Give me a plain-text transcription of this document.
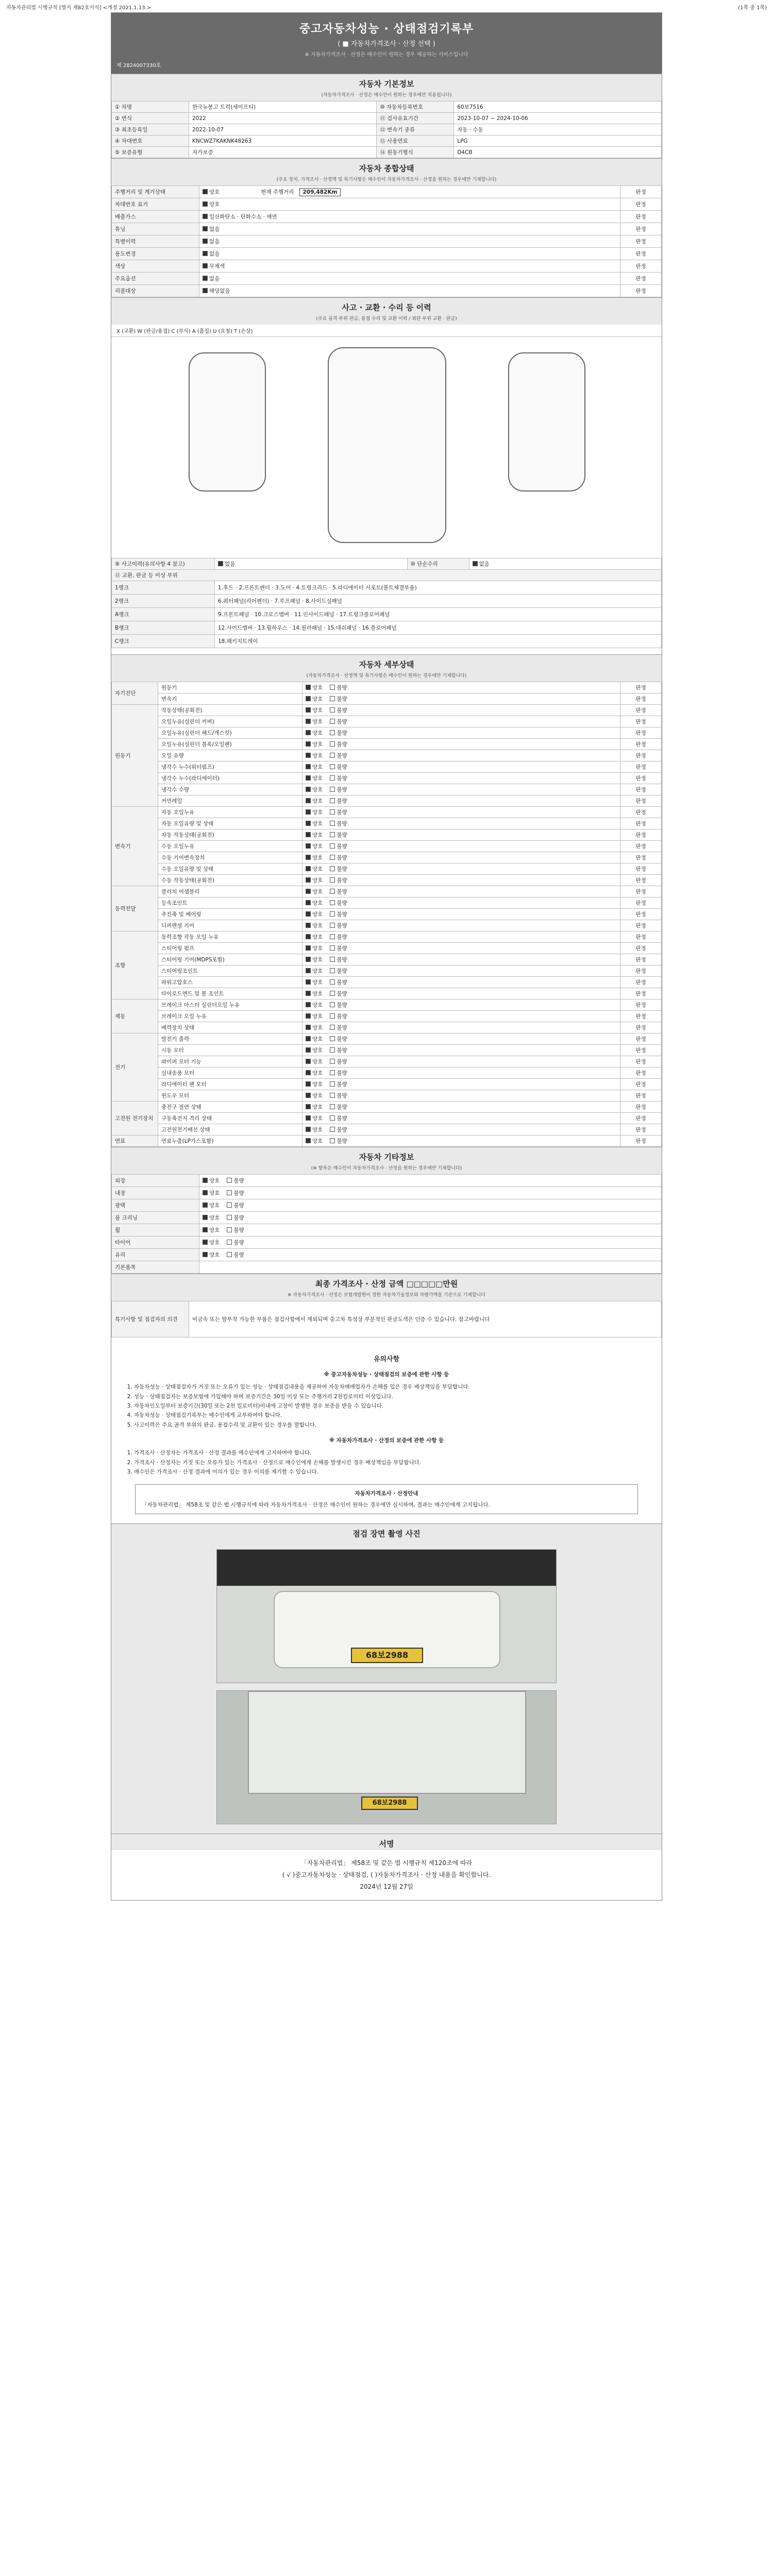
자동차관리법 시행규칙 [별지 제82호서식] <개정 2021.1.13.>	(1쪽 중 1쪽)
중고자동차성능 · 상태점검기록부
( ■ 자동차가격조사 · 산정 선택 )
※ 자동차가격조사 · 산정은 매수인이 원하는 경우 제공하는 서비스입니다
제 2824007330호
자동차 기본정보
(자동차가격조사 · 산정은 매수인이 원하는 경우에만 적용됩니다)
① 차명	한국뉴봉고 트럭(세이프티)	⑩ 자동차등록번호	60보7516
② 연식	2022	⑪ 검사유효기간	2023-10-07 ~ 2024-10-06
③ 최초등록일	2022-10-07	⑫ 변속기 종류	자동 · 수동
④ 차대번호	KNCWZ7KAKNK48263	⑬ 사용연료	LPG
⑤ 보증유형	자가보증	⑭ 원동기형식	D4CB
자동차 종합상태
(주요 장치, 가격조사 · 산정액 및 특기사항은 매수인이 자동차가격조사 · 산정을 원하는 경우에만 기재합니다)
주행거리 및 계기상태	양호 현재 주행거리 209,482Km	판정
차대번호 표기	양호	판정
배출가스	일산화탄소 · 탄화수소 · 매연	판정
튜닝	없음	판정
특별이력	없음	판정
용도변경	없음	판정
색상	무채색	판정
주요옵션	없음	판정
리콜대상	해당없음	판정
사고 · 교환 · 수리 등 이력
(주요 골격 부위 판금, 용접 수리 및 교환 이력 / 외판 부위 교환 · 판금)
X (교환) W (판금/용접) C (부식) A (흠집) U (요철) T (손상)
⑨ 사고이력(유의사항 4 참고)	없음	⑩ 단순수리	없음
⑪ 교환, 판금 등 이상 부위			
1랭크	1.후드 · 2.프론트펜더 · 3.도어 · 4.트렁크리드 · 5.라디에이터 서포트(볼트체결부품)		
2랭크	6.쿼터패널(리어펜더) · 7.루프패널 · 8.사이드실패널		
A랭크	9.프론트패널 · 10.크로스멤버 · 11.인사이드패널 · 17.트렁크플로어패널		
B랭크	12.사이드멤버 · 13.휠하우스 · 14.필러패널 · 15.대쉬패널 · 16.플로어패널		
C랭크	18.패키지트레이		
자동차 세부상태
(자동차가격조사 · 산정액 및 특기사항은 매수인이 원하는 경우에만 기재합니다)
자기진단	원동기	양호 불량	판정
	변속기	양호 불량	판정
원동기	작동상태(공회전)	양호 불량	판정
	오일누유(실린더 커버)	양호 불량	판정
	오일누유(실린더 헤드/개스킷)	양호 불량	판정
	오일누유(실린더 블록/오일팬)	양호 불량	판정
	오일 유량	양호 불량	판정
	냉각수 누수(워터펌프)	양호 불량	판정
	냉각수 누수(라디에이터)	양호 불량	판정
	냉각수 수량	양호 불량	판정
	커먼레일	양호 불량	판정
변속기	자동 오일누유	양호 불량	판정
	자동 오일유량 및 상태	양호 불량	판정
	자동 작동상태(공회전)	양호 불량	판정
	수동 오일누유	양호 불량	판정
	수동 기어변속장치	양호 불량	판정
	수동 오일유량 및 상태	양호 불량	판정
	수동 작동상태(공회전)	양호 불량	판정
동력전달	클러치 어셈블리	양호 불량	판정
	등속조인트	양호 불량	판정
	추진축 및 베어링	양호 불량	판정
	디퍼렌셜 기어	양호 불량	판정
조향	동력조향 작동 오일 누유	양호 불량	판정
	스티어링 펌프	양호 불량	판정
	스티어링 기어(MDPS포함)	양호 불량	판정
	스티어링조인트	양호 불량	판정
	파워고압호스	양호 불량	판정
	타이로드엔드 및 볼 조인트	양호 불량	판정
제동	브레이크 마스터 실린더오일 누유	양호 불량	판정
	브레이크 오일 누유	양호 불량	판정
	배력장치 상태	양호 불량	판정
전기	발전기 출력	양호 불량	판정
	시동 모터	양호 불량	판정
	와이퍼 모터 기능	양호 불량	판정
	실내송풍 모터	양호 불량	판정
	라디에이터 팬 모터	양호 불량	판정
	윈도우 모터	양호 불량	판정
고전원 전기장치	충전구 절연 상태	양호 불량	판정
	구동축전지 격리 상태	양호 불량	판정
	고전원전기배선 상태	양호 불량	판정
연료	연료누출(LP가스포함)	양호 불량	판정
자동차 기타정보
(※ 항목은 매수인이 자동차가격조사 · 산정을 원하는 경우에만 기재합니다)
외장	양호 불량
내장	양호 불량
광택	양호 불량
룸 크리닝	양호 불량
휠	양호 불량
타이어	양호 불량
유리	양호 불량
기본품목	
최종 가격조사 · 산정 금액 □□□□□만원
※ 자동차가격조사 · 산정은 보험개발원이 정한 자동차기술정보와 차량가액을 기준으로 기재합니다
특기사항 및 점검자의 의견	비금속 또는 탈부착 가능한 부품은 점검사항에서 제외되며 중고차 특성상 부분적인 판금도색은 인증 수 있습니다. 참고바랍니다
유의사항
※ 중고자동차성능 · 상태점검의 보증에 관한 사항 등
1. 자동차성능 · 상태점검자가 거짓 또는 오류가 있는 성능 · 상태점검내용을 제공하여 자동차매매업자가 손해를 입은 경우 배상책임을 부담합니다.
2. 성능 · 상태점검자는 보증보험에 가입해야 하며 보증기간은 30일 이상 또는 주행거리 2천킬로미터 이상입니다.
3. 자동차인도일부터 보증기간(30일 또는 2천 킬로미터)이내에 고장이 발생한 경우 보증을 받을 수 있습니다.
4. 자동차성능 · 상태점검기록부는 매수인에게 교부하여야 합니다.
5. 사고이력은 주요 골격 부위의 판금, 용접수리 및 교환이 있는 경우를 말합니다.
※ 자동차가격조사 · 산정의 보증에 관한 사항 등
1. 가격조사 · 산정자는 가격조사 · 산정 결과를 매수인에게 고지하여야 합니다.
2. 가격조사 · 산정자는 거짓 또는 오류가 있는 가격조사 · 산정으로 매수인에게 손해를 발생시킨 경우 배상책임을 부담합니다.
3. 매수인은 가격조사 · 산정 결과에 이의가 있는 경우 이의를 제기할 수 있습니다.
자동차가격조사 · 산정안내
「자동차관리법」 제58조 및 같은 법 시행규칙에 따라 자동차가격조사 · 산정은 매수인이 원하는 경우에만 실시하며, 결과는 매수인에게 고지됩니다.
점검 장면 촬영 사진
68보2988
68보2988
서명
「자동차관리법」 제58조 및 같은 법 시행규칙 제120조에 따라
( √ )중고자동차성능 · 상태점검, ( )자동차가격조사 · 산정 내용을 확인합니다.
2024년 12월 27일
